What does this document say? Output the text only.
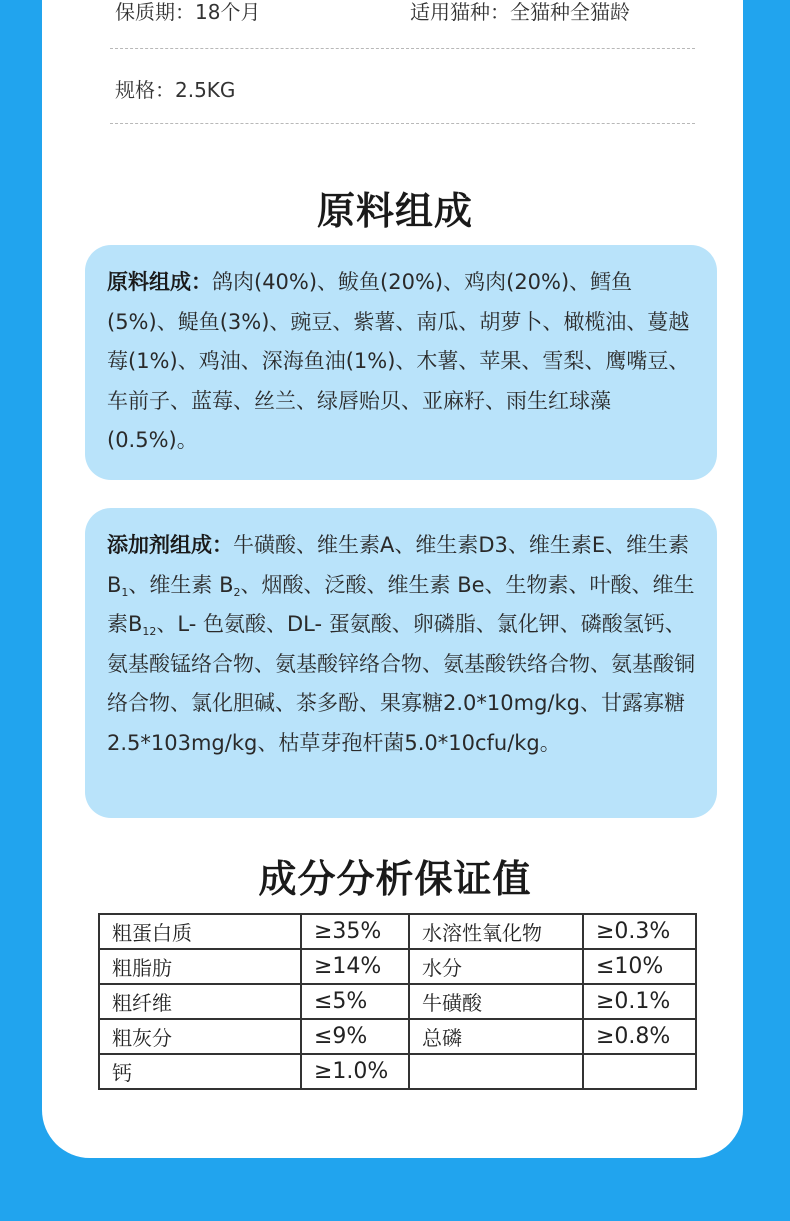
保质期：18个月	适用猫种：全猫种全猫龄
规格：2.5KG
原料组成
原料组成：鸽肉(40%)、鲅鱼(20%)、鸡肉(20%)、鳕鱼(5%)、鳀鱼(3%)、豌豆、紫薯、南瓜、胡萝卜、橄榄油、蔓越莓(1%)、鸡油、深海鱼油(1%)、木薯、苹果、雪梨、鹰嘴豆、车前子、蓝莓、丝兰、绿唇贻贝、亚麻籽、雨生红球藻(0.5%)。
添加剂组成：牛磺酸、维生素A、维生素D3、维生素E、维生素 $B_1$、维生素 $B_2$、烟酸、泛酸、维生素 Be、生物素、叶酸、维生素$B_{12}$、L- 色氨酸、DL- 蛋氨酸、卵磷脂、氯化钾、磷酸氢钙、氨基酸锰络合物、氨基酸锌络合物、氨基酸铁络合物、氨基酸铜络合物、氯化胆碱、茶多酚、果寡糖2.0*10mg/kg、甘露寡糖 2.5*103mg/kg、枯草芽孢杆菌5.0*10cfu/kg。
成分分析保证值
粗蛋白质	≥35%	水溶性氧化物	≥0.3%
粗脂肪	≥14%	水分	≤10%
粗纤维	≤5%	牛磺酸	≥0.1%
粗灰分	≤9%	总磷	≥0.8%
钙	≥1.0%		
